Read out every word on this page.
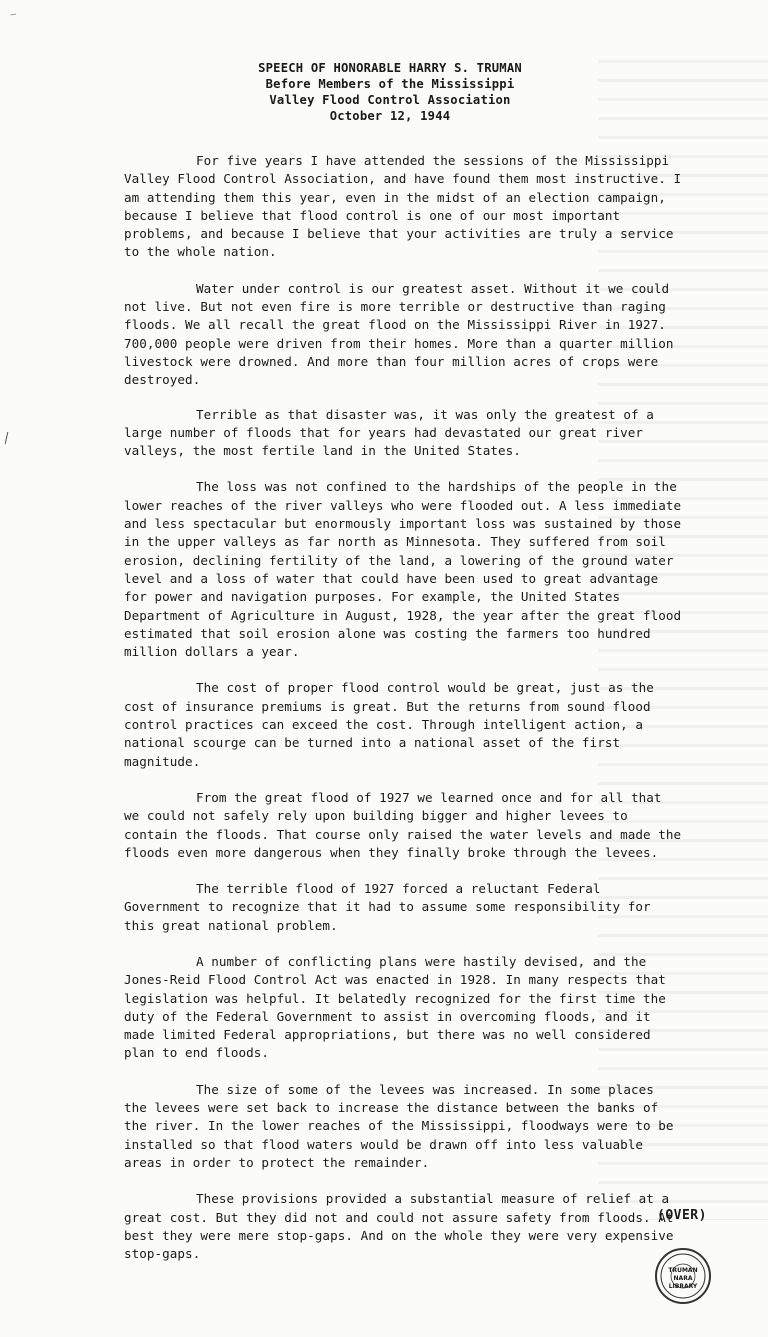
~
SPEECH OF HONORABLE HARRY S. TRUMAN
Before Members of the Mississippi
Valley Flood Control Association
October 12, 1944

For five years I have attended the sessions of the Mississippi Valley Flood Control Association, and have found them most instructive. I am attending them this year, even in the midst of an election campaign, because I believe that flood control is one of our most important problems, and because I believe that your activities are truly a service to the whole nation.

Water under control is our greatest asset. Without it we could not live. But not even fire is more terrible or destructive than raging floods. We all recall the great flood on the Mississippi River in 1927. 700,000 people were driven from their homes. More than a quarter million livestock were drowned. And more than four million acres of crops were destroyed.

Terrible as that disaster was, it was only the greatest of a large number of floods that for years had devastated our great river valleys, the most fertile land in the United States.

The loss was not confined to the hardships of the people in the lower reaches of the river valleys who were flooded out. A less immediate and less spectacular but enormously important loss was sustained by those in the upper valleys as far north as Minnesota. They suffered from soil erosion, declining fertility of the land, a lowering of the ground water level and a loss of water that could have been used to great advantage for power and navigation purposes. For example, the United States Department of Agriculture in August, 1928, the year after the great flood estimated that soil erosion alone was costing the farmers too hundred million dollars a year.

The cost of proper flood control would be great, just as the cost of insurance premiums is great. But the returns from sound flood control practices can exceed the cost. Through intelligent action, a national scourge can be turned into a national asset of the first magnitude.

From the great flood of 1927 we learned once and for all that we could not safely rely upon building bigger and higher levees to contain the floods. That course only raised the water levels and made the floods even more dangerous when they finally broke through the levees.

The terrible flood of 1927 forced a reluctant Federal Government to recognize that it had to assume some responsibility for this great national problem.

A number of conflicting plans were hastily devised, and the Jones-Reid Flood Control Act was enacted in 1928. In many respects that legislation was helpful. It belatedly recognized for the first time the duty of the Federal Government to assist in overcoming floods, and it made limited Federal appropriations, but there was no well considered plan to end floods.

The size of some of the levees was increased. In some places the levees were set back to increase the distance between the banks of the river. In the lower reaches of the Mississippi, floodways were to be installed so that flood waters would be drawn off into less valuable areas in order to protect the remainder.

These provisions provided a substantial measure of relief at a great cost. But they did not and could not assure safety from floods. At best they were mere stop-gaps. And on the whole they were very expensive stop-gaps.

(OVER)
TRUMAN
NARA
LIBRARY
